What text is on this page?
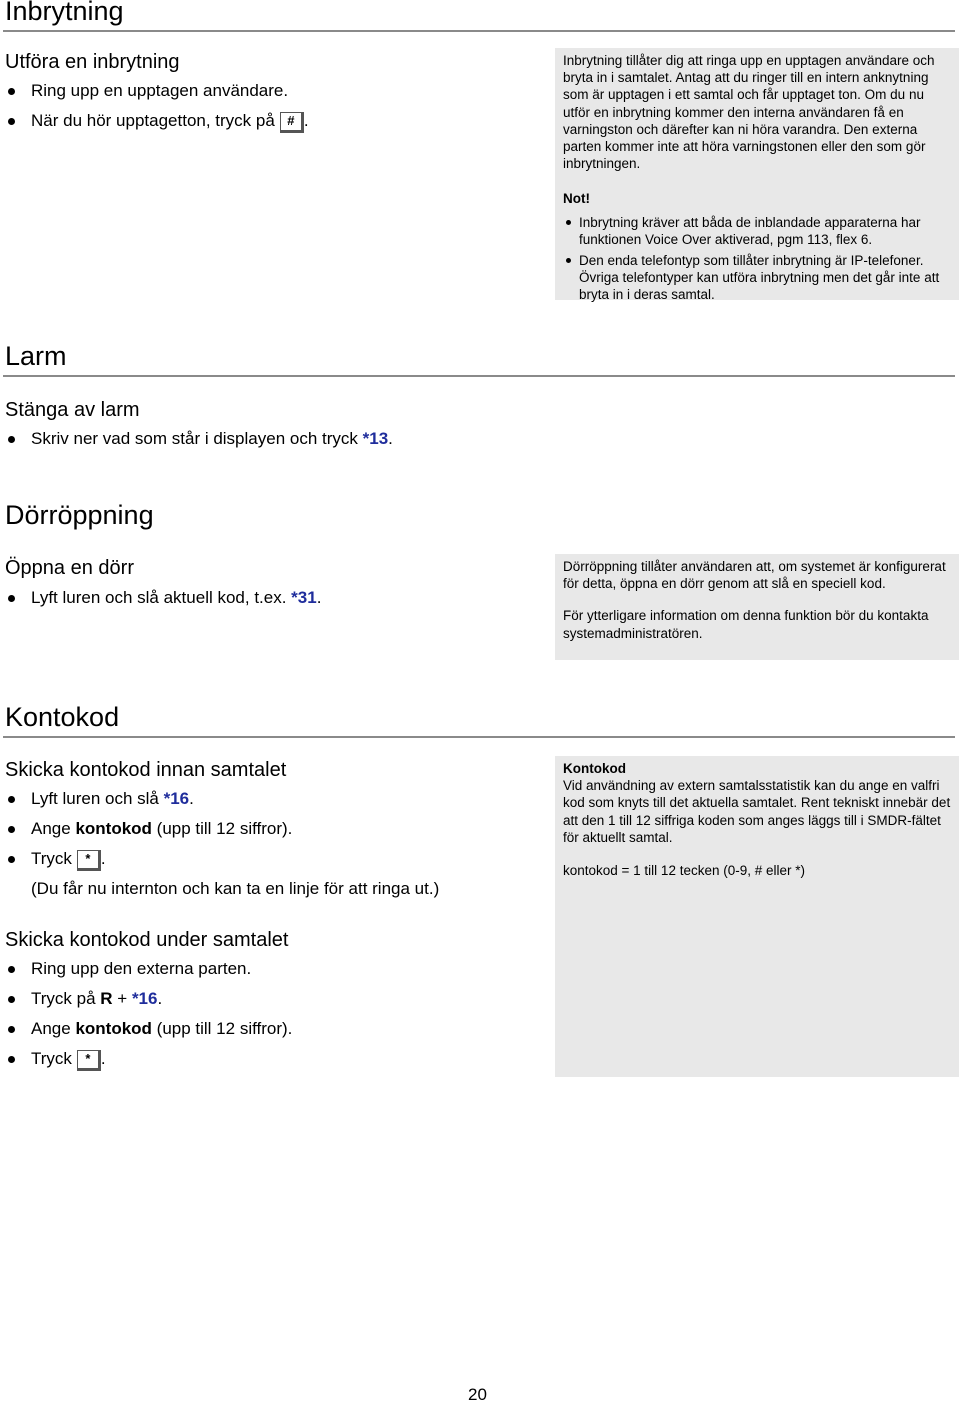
Inbrytning
Utföra en inbrytning
Ring upp en upptagen användare.
När du hör upptagetton, tryck på # .

Inbrytning tillåter dig att ringa upp en upptagen användare och bryta in i samtalet. Antag att du ringer till en intern anknytning som är upptagen i ett samtal och får upptaget ton. Om du nu utför en inbrytning kommer den interna användaren få en varningston och därefter kan ni höra varandra. Den externa parten kommer inte att höra varningstonen eller den som gör inbrytningen.

Not!

Inbrytning kräver att båda de inblandade apparaterna har funktionen Voice Over aktiverad, pgm 113, flex 6.
Den enda telefontyp som tillåter inbrytning är IP-telefoner. Övriga telefontyper kan utföra inbrytning men det går inte att bryta in i deras samtal.
Larm
Stänga av larm
Skriv ner vad som står i displayen och tryck *13.
Dörröppning
Öppna en dörr
Lyft luren och slå aktuell kod, t.ex. *31.

Dörröppning tillåter användaren att, om systemet är konfigurerat för detta, öppna en dörr genom att slå en speciell kod.

För ytterligare information om denna funktion bör du kontakta systemadministratören.

Kontokod
Skicka kontokod innan samtalet
Lyft luren och slå *16.
Ange kontokod (upp till 12 siffror).
Tryck * .
(Du får nu internton och kan ta en linje för att ringa ut.)
Skicka kontokod under samtalet
Ring upp den externa parten.
Tryck på R + *16.
Ange kontokod (upp till 12 siffror).
Tryck * .

Kontokod

Vid användning av extern samtalsstatistik kan du ange en valfri kod som knyts till det aktuella samtalet. Rent tekniskt innebär det att den 1 till 12 siffriga koden som anges läggs till i SMDR-fältet för aktuellt samtal.

kontokod = 1 till 12 tecken (0-9, # eller *)

20
